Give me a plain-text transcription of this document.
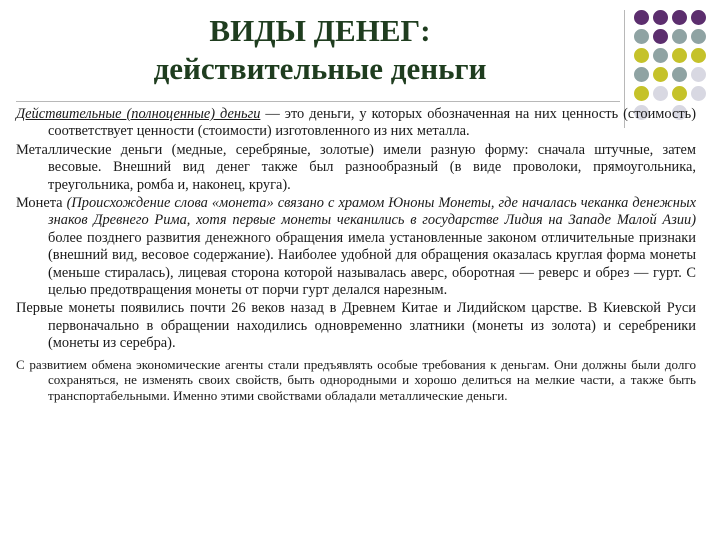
ВИДЫ ДЕНЕГ:
действительные деньги

Действительные (полноценные) деньги — это деньги, у которых обозначенная на них ценность (стоимость) соответствует ценности (стоимости) изготовленного из них металла.

Металлические деньги (медные, серебряные, золотые) имели разную форму: сначала штучные, затем весовые. Внешний вид денег также был разнообразный (в виде проволоки, прямоугольника, треугольника, ромба и, наконец, круга).

Монета (Происхождение слова «монета» связано с храмом Юноны Монеты, где началась чеканка денежных знаков Древнего Рима, хотя первые монеты чеканились в государстве Лидия на Западе Малой Азии) более позднего развития денежного обращения имела установленные законом отличительные признаки (внешний вид, весовое содержание). Наиболее удобной для обращения оказалась круглая форма монеты (меньше стиралась), лицевая сторона которой называлась аверс, оборотная — реверс и обрез — гурт. С целью предотвращения монеты от порчи гурт делался нарезным.

Первые монеты появились почти 26 веков назад в Древнем Китае и Лидийском царстве. В Киевской Руси первоначально в обращении находились одновременно златники (монеты из золота) и серебреники (монеты из серебра).

С развитием обмена экономические агенты стали предъявлять особые требования к деньгам. Они должны были долго сохраняться, не изменять своих свойств, быть однородными и хорошо делиться на мелкие части, а также быть транспортабельными. Именно этими свойствами обладали металлические деньги.
